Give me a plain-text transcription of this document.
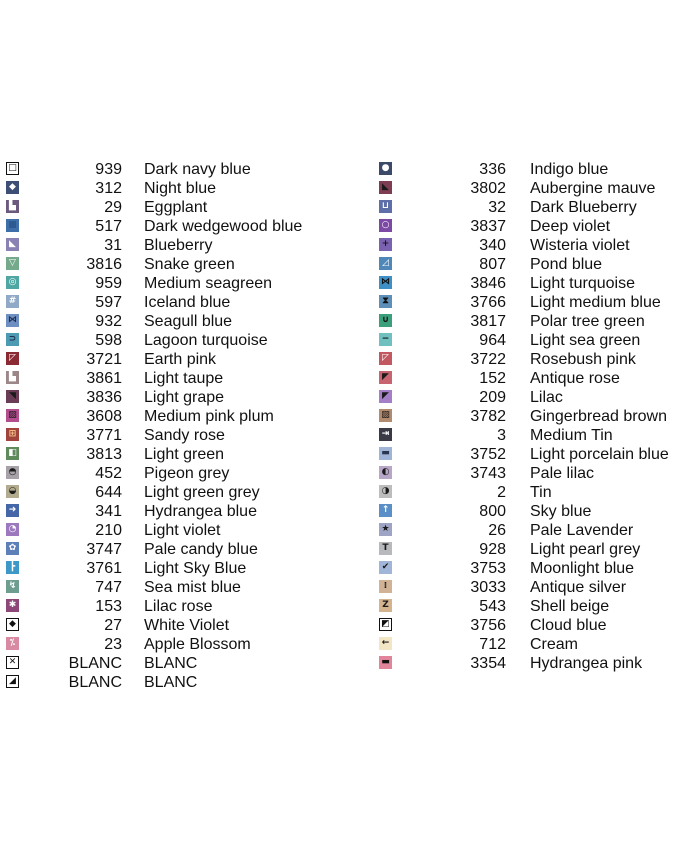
□	939 Dark navy blue
◆	312 Night blue
▙	29 Eggplant
■	517 Dark wedgewood blue
◣	31 Blueberry
▽	3816 Snake green
◎	959 Medium seagreen
#	597 Iceland blue
⋈	932 Seagull blue
⊃	598 Lagoon turquoise
◸	3721 Earth pink
▙	3861 Light taupe
◥	3836 Light grape
▨	3608 Medium pink plum
⊞	3771 Sandy rose
◧	3813 Light green
◓	452 Pigeon grey
◒	644 Light green grey
➜	341 Hydrangea blue
◔	210 Light violet
✿	3747 Pale candy blue
┣	3761 Light Sky Blue
↯	747 Sea mist blue
✱	153 Lilac rose
◆	27 White Violet
⁒	23 Apple Blossom
✕	BLANC BLANC
◢	BLANC BLANC
●	336 Indigo blue
◣	3802 Aubergine mauve
⊔	32 Dark Blueberry
○	3837 Deep violet
+	340 Wisteria violet
◿	807 Pond blue
⋈	3846 Light turquoise
⧗	3766 Light medium blue
∪	3817 Polar tree green
−	964 Light sea green
◸	3722 Rosebush pink
◤	152 Antique rose
◤	209 Lilac
▨	3782 Gingerbread brown
⇥	3 Medium Tin
▬	3752 Light porcelain blue
◐	3743 Pale lilac
◑	2 Tin
↑	800 Sky blue
★	26 Pale Lavender
T	928 Light pearl grey
✔	3753 Moonlight blue
⁞	3033 Antique silver
Z	543 Shell beige
◩	3756 Cloud blue
←	712 Cream
▬	3354 Hydrangea pink
